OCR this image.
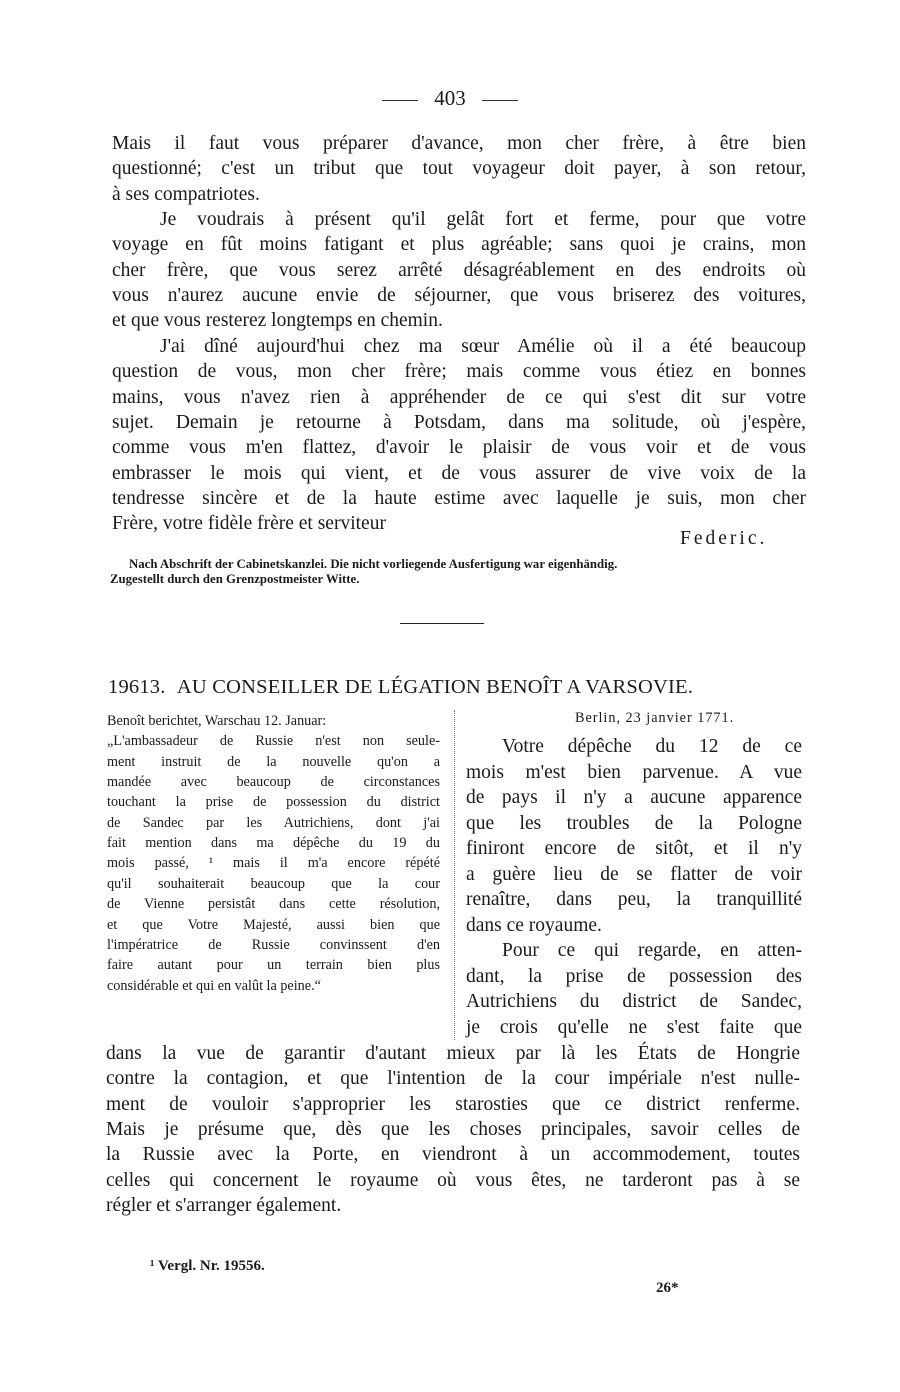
403
Mais il faut vous préparer d'avance, mon cher frère, à être bien
questionné; c'est un tribut que tout voyageur doit payer, à son retour,
à ses compatriotes.
Je voudrais à présent qu'il gelât fort et ferme, pour que votre
voyage en fût moins fatigant et plus agréable; sans quoi je crains, mon
cher frère, que vous serez arrêté désagréablement en des endroits où
vous n'aurez aucune envie de séjourner, que vous briserez des voitures,
et que vous resterez longtemps en chemin.
J'ai dîné aujourd'hui chez ma sœur Amélie où il a été beaucoup
question de vous, mon cher frère; mais comme vous étiez en bonnes
mains, vous n'avez rien à appréhender de ce qui s'est dit sur votre
sujet. Demain je retourne à Potsdam, dans ma solitude, où j'espère,
comme vous m'en flattez, d'avoir le plaisir de vous voir et de vous
embrasser le mois qui vient, et de vous assurer de vive voix de la
tendresse sincère et de la haute estime avec laquelle je suis, mon cher
Frère, votre fidèle frère et serviteur
Federic.
Nach Abschrift der Cabinetskanzlei. Die nicht vorliegende Ausfertigung war eigenhändig.
Zugestellt durch den Grenzpostmeister Witte.
19613. AU CONSEILLER DE LÉGATION BENOÎT A VARSOVIE.
Benoît berichtet, Warschau 12. Januar:
„L'ambassadeur de Russie n'est non seule-
ment instruit de la nouvelle qu'on a
mandée avec beaucoup de circonstances
touchant la prise de possession du district
de Sandec par les Autrichiens, dont j'ai
fait mention dans ma dépêche du 19 du
mois passé, ¹ mais il m'a encore répété
qu'il souhaiterait beaucoup que la cour
de Vienne persistât dans cette résolution,
et que Votre Majesté, aussi bien que
l'impératrice de Russie convinssent d'en
faire autant pour un terrain bien plus
considérable et qui en valût la peine.“
Berlin, 23 janvier 1771.
Votre dépêche du 12 de ce
mois m'est bien parvenue. A vue
de pays il n'y a aucune apparence
que les troubles de la Pologne
finiront encore de sitôt, et il n'y
a guère lieu de se flatter de voir
renaître, dans peu, la tranquillité
dans ce royaume.
Pour ce qui regarde, en atten-
dant, la prise de possession des
Autrichiens du district de Sandec,
je crois qu'elle ne s'est faite que
dans la vue de garantir d'autant mieux par là les États de Hongrie
contre la contagion, et que l'intention de la cour impériale n'est nulle-
ment de vouloir s'approprier les starosties que ce district renferme.
Mais je présume que, dès que les choses principales, savoir celles de
la Russie avec la Porte, en viendront à un accommodement, toutes
celles qui concernent le royaume où vous êtes, ne tarderont pas à se
régler et s'arranger également.
¹ Vergl. Nr. 19556.
26*
